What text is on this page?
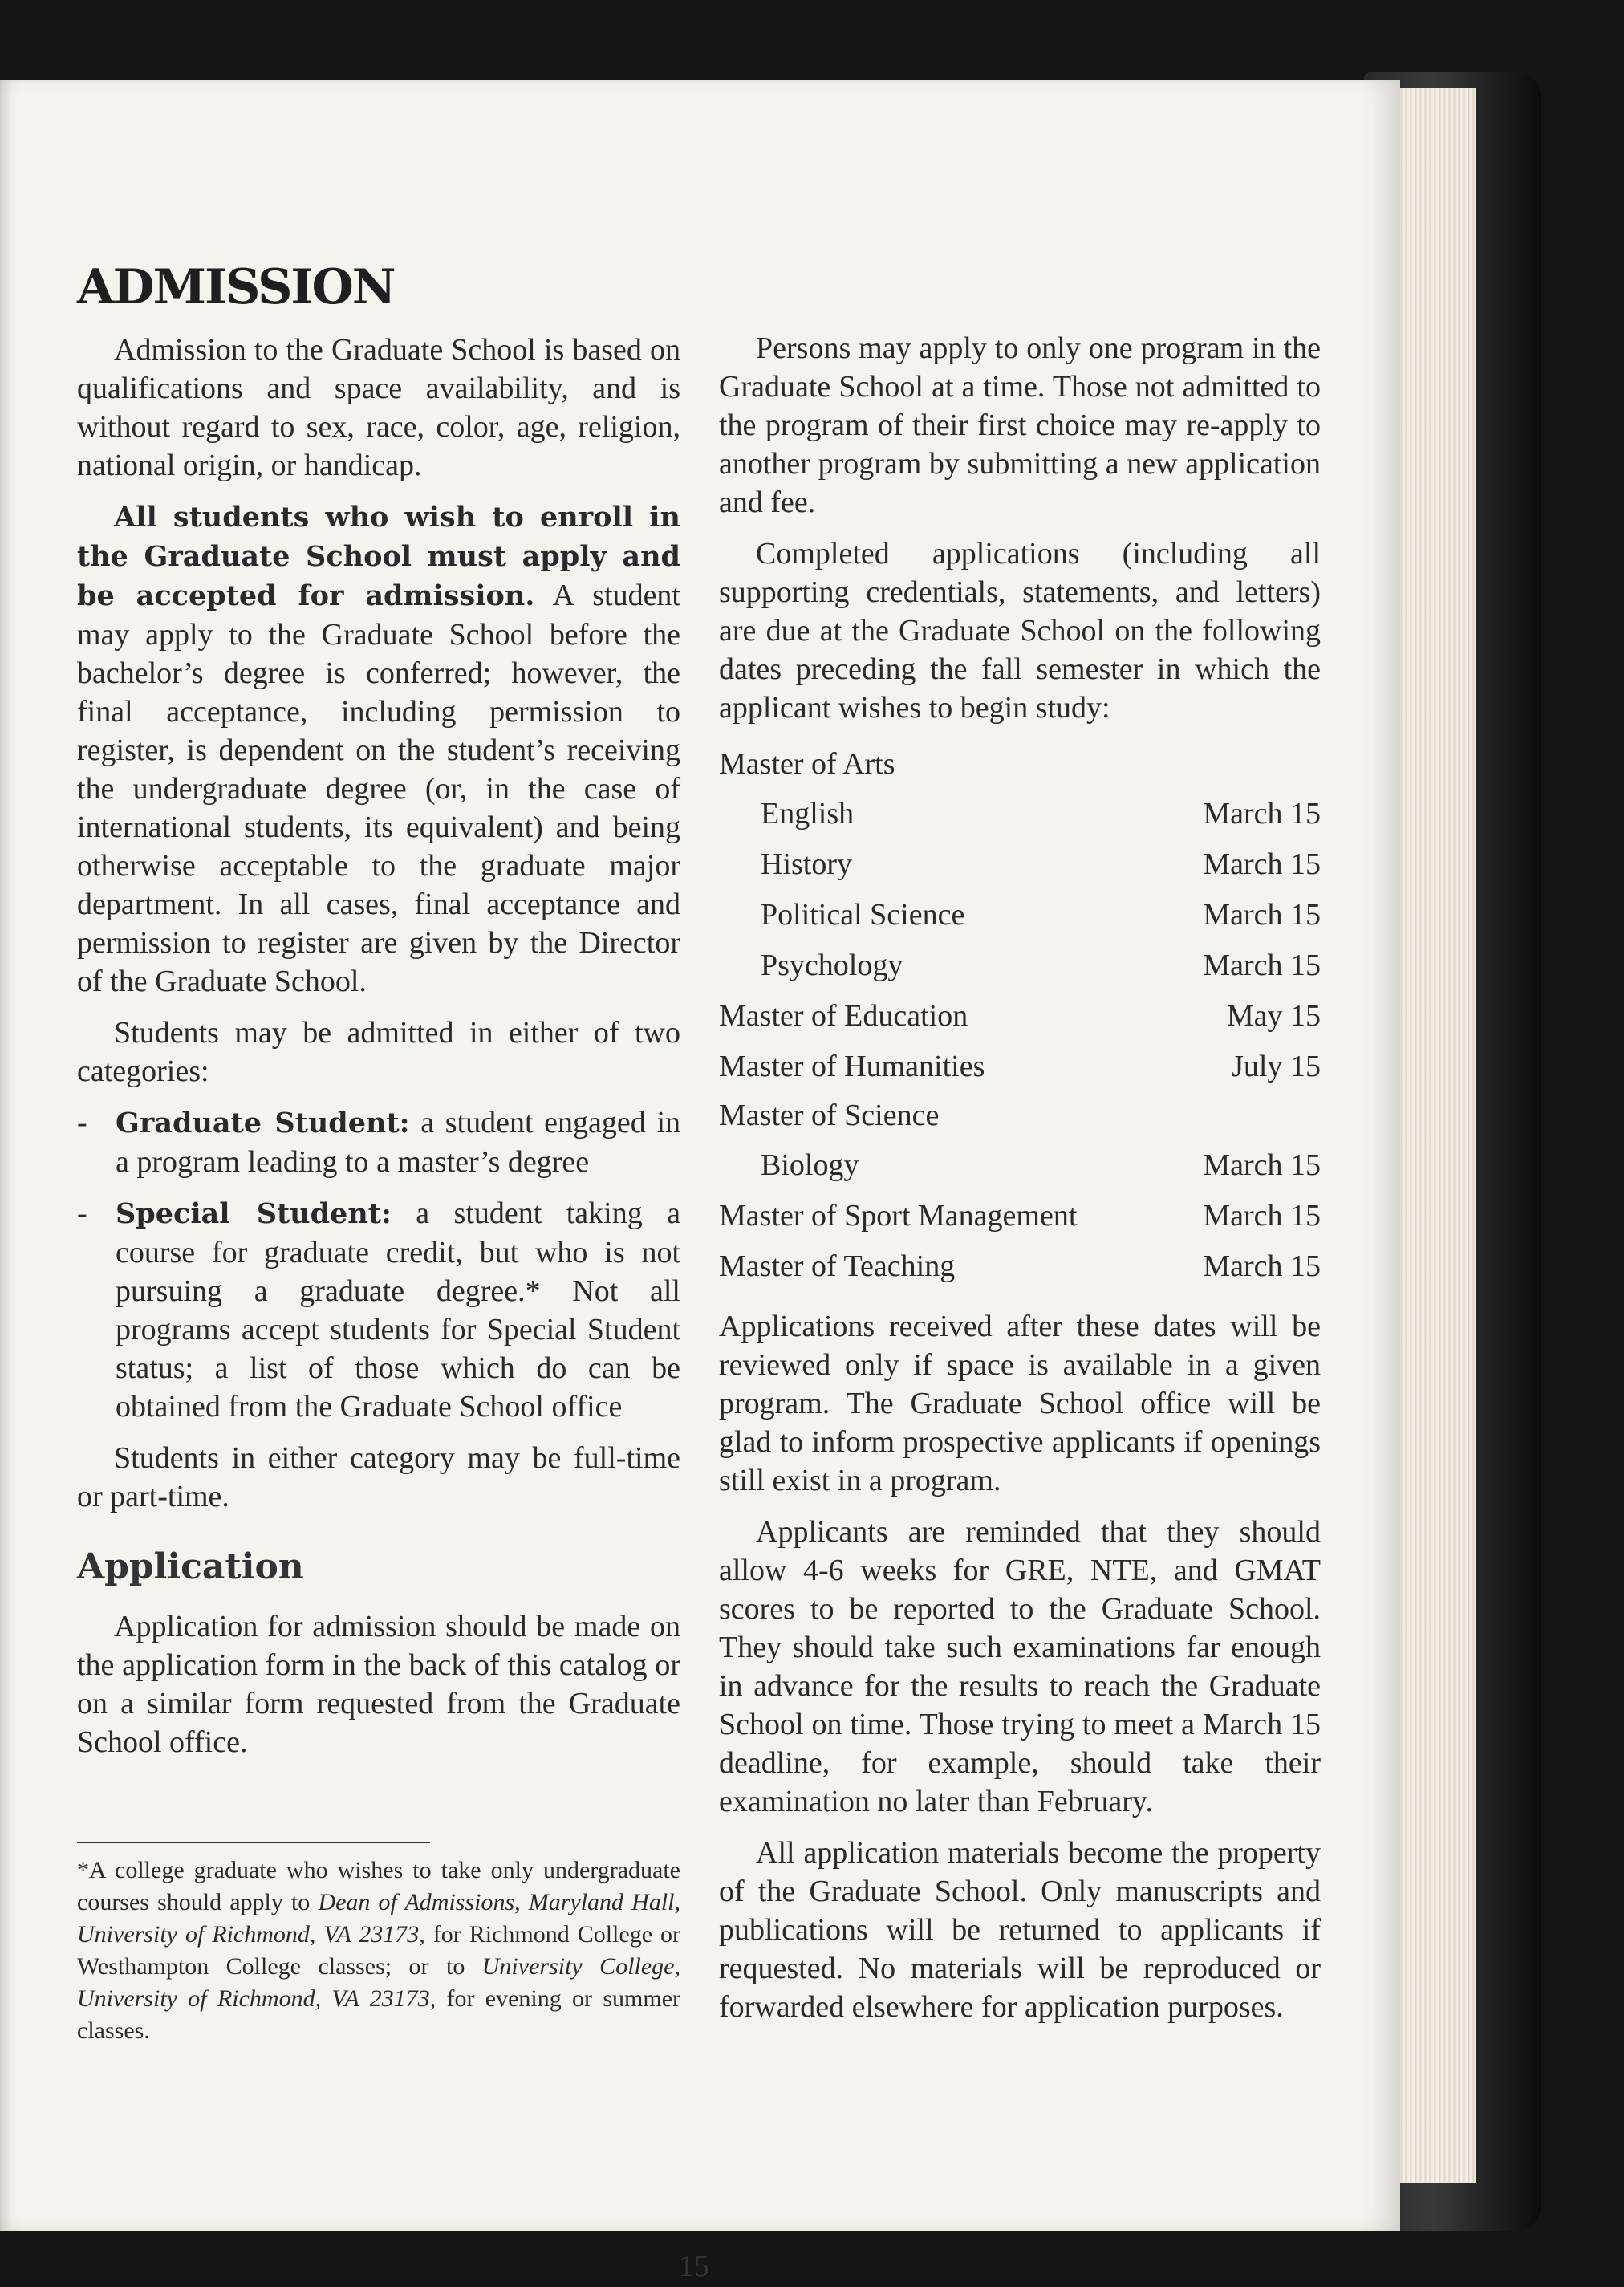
ADMISSION

Admission to the Graduate School is based on qualifications and space availability, and is without regard to sex, race, color, age, religion, national origin, or handicap.

All students who wish to enroll in the Graduate School must apply and be accepted for admission. A student may apply to the Graduate School before the bachelor’s degree is conferred; however, the final acceptance, including permission to register, is dependent on the student’s receiving the undergraduate degree (or, in the case of international students, its equivalent) and being otherwise acceptable to the graduate major department. In all cases, final acceptance and permission to register are given by the Director of the Graduate School.

Students may be admitted in either of two categories:

- Graduate Student: a student engaged in a program leading to a master’s degree
- Special Student: a student taking a course for graduate credit, but who is not pursuing a graduate degree.* Not all programs accept students for Special Student status; a list of those which do can be obtained from the Graduate School office

Students in either category may be full-time or part-time.

Application

Application for admission should be made on the application form in the back of this catalog or on a similar form requested from the Graduate School office.

*A college graduate who wishes to take only undergraduate courses should apply to Dean of Admissions, Maryland Hall, University of Richmond, VA 23173, for Richmond College or Westhampton College classes; or to University College, University of Richmond, VA 23173, for evening or summer classes.

Persons may apply to only one program in the Graduate School at a time. Those not admitted to the program of their first choice may re-apply to another program by submitting a new application and fee.

Completed applications (including all supporting credentials, statements, and letters) are due at the Graduate School on the following dates preceding the fall semester in which the applicant wishes to begin study:

Master of Arts
English	March 15
History	March 15
Political Science	March 15
Psychology	March 15
Master of Education	May 15
Master of Humanities	July 15
Master of Science
Biology	March 15
Master of Sport Management	March 15
Master of Teaching	March 15

Applications received after these dates will be reviewed only if space is available in a given program. The Graduate School office will be glad to inform prospective applicants if openings still exist in a program.

Applicants are reminded that they should allow 4-6 weeks for GRE, NTE, and GMAT scores to be reported to the Graduate School. They should take such examinations far enough in advance for the results to reach the Graduate School on time. Those trying to meet a March 15 deadline, for example, should take their examination no later than February.

All application materials become the property of the Graduate School. Only manuscripts and publications will be returned to applicants if requested. No materials will be reproduced or forwarded elsewhere for application purposes.

15
